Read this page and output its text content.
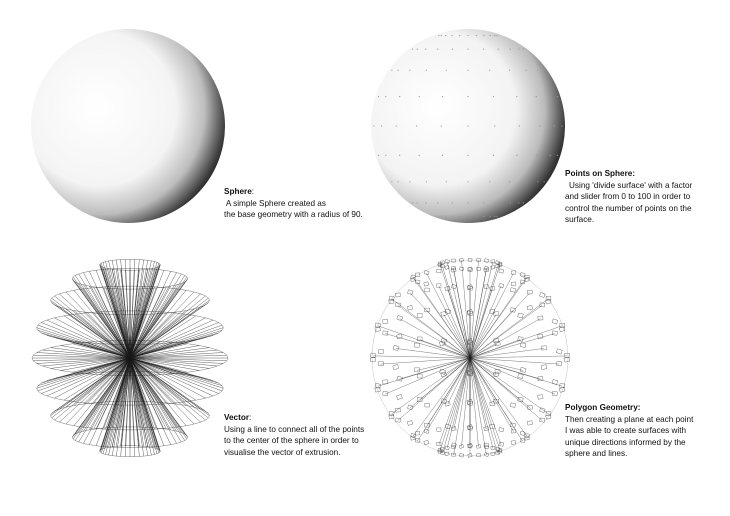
Sphere:
A simple Sphere created as
the base geometry with a radius of 90.
Points on Sphere:
Using 'divide surface' with a factor
and slider from 0 to 100 in order to
control the number of points on the
surface.
Vector:
Using a line to connect all of the points
to the center of the sphere in order to
visualise the vector of extrusion.
Polygon Geometry:
Then creating a plane at each point
I was able to create surfaces with
unique directions informed by the
sphere and lines.
